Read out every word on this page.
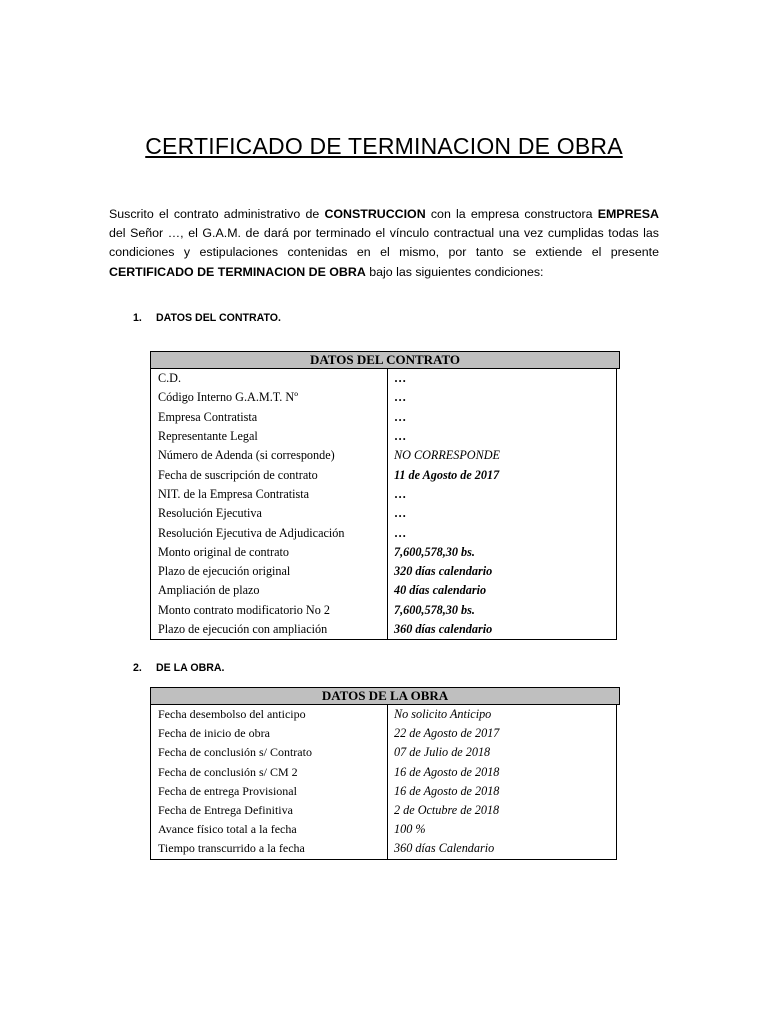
CERTIFICADO DE TERMINACION DE OBRA
Suscrito el contrato administrativo de CONSTRUCCION con la empresa constructora EMPRESA del Señor …, el G.A.M. de dará por terminado el vínculo contractual una vez cumplidas todas las condiciones y estipulaciones contenidas en el mismo, por tanto se extiende el presente CERTIFICADO DE TERMINACION DE OBRA bajo las siguientes condiciones:
1. DATOS DEL CONTRATO.
DATOS DEL CONTRATO
C.D.	…
Código Interno G.A.M.T. Nº	…
Empresa Contratista	…
Representante Legal	…
Número de Adenda (si corresponde)	NO CORRESPONDE
Fecha de suscripción de contrato	11 de Agosto de 2017
NIT. de la Empresa Contratista	…
Resolución Ejecutiva	…
Resolución Ejecutiva de Adjudicación	…
Monto original de contrato	7,600,578,30 bs.
Plazo de ejecución original	320 días calendario
Ampliación de plazo	40 días calendario
Monto contrato modificatorio No 2	7,600,578,30 bs.
Plazo de ejecución con ampliación	360 días calendario
2. DE LA OBRA.
DATOS DE LA OBRA
Fecha desembolso del anticipo	No solicito Anticipo
Fecha de inicio de obra	22 de Agosto de 2017
Fecha de conclusión s/ Contrato	07 de Julio de 2018
Fecha de conclusión s/ CM 2	16 de Agosto de 2018
Fecha de entrega Provisional	16 de Agosto de 2018
Fecha de Entrega Definitiva	2 de Octubre de 2018
Avance físico total a la fecha	100 %
Tiempo transcurrido a la fecha	360 días Calendario
